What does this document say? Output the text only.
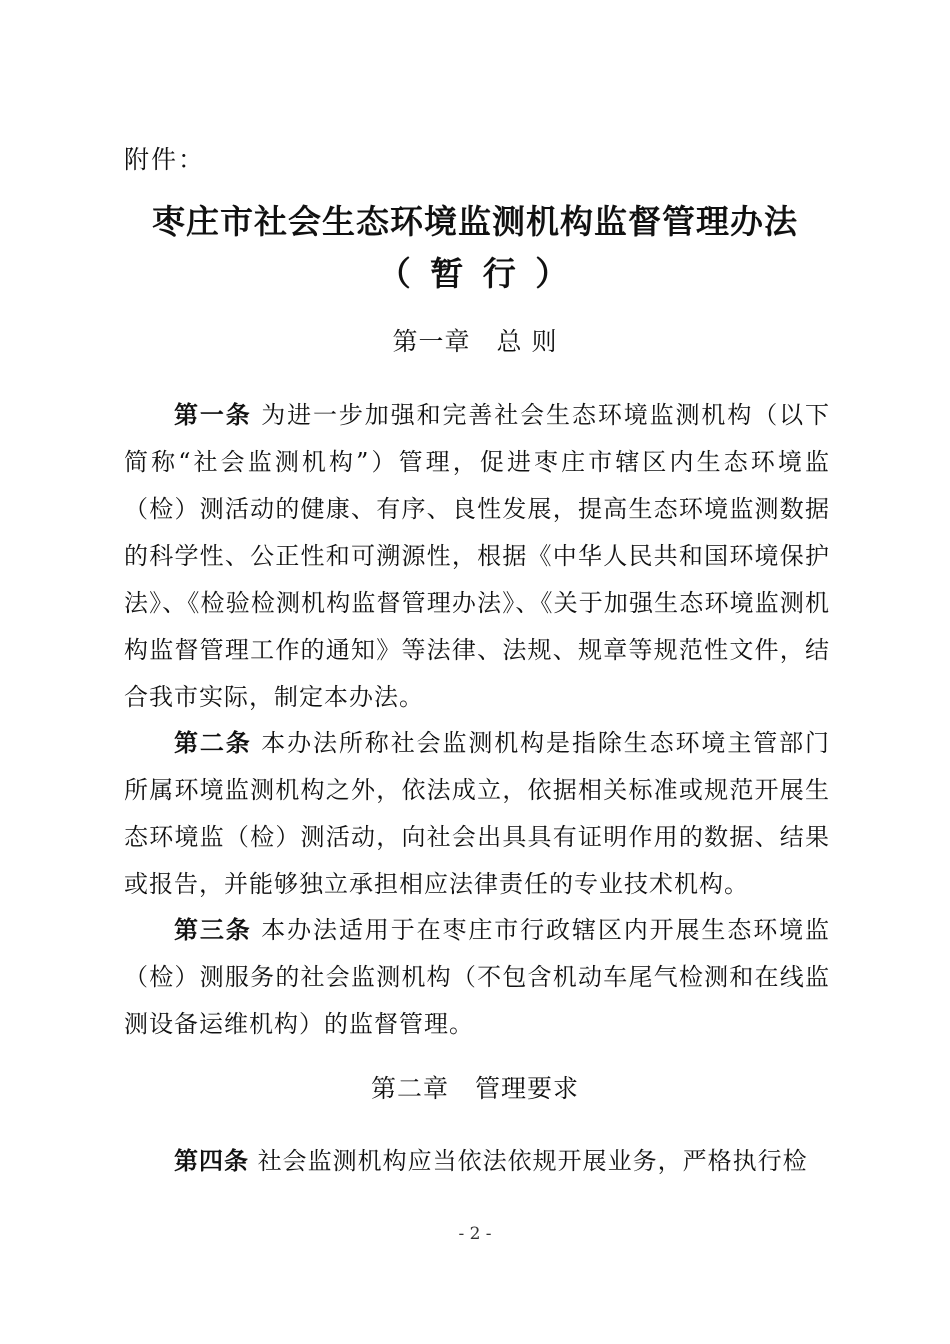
附件：
枣庄市社会生态环境监测机构监督管理办法
（ 暂 行 ）
第一章　总 则
第一条 为进一步加强和完善社会生态环境监测机构（以下简称“社会监测机构”）管理，促进枣庄市辖区内生态环境监（检）测活动的健康、有序、良性发展，提高生态环境监测数据的科学性、公正性和可溯源性，根据《中华人民共和国环境保护法》、《检验检测机构监督管理办法》、《关于加强生态环境监测机构监督管理工作的通知》等法律、法规、规章等规范性文件，结合我市实际，制定本办法。
第二条 本办法所称社会监测机构是指除生态环境主管部门所属环境监测机构之外，依法成立，依据相关标准或规范开展生态环境监（检）测活动，向社会出具具有证明作用的数据、结果或报告，并能够独立承担相应法律责任的专业技术机构。
第三条 本办法适用于在枣庄市行政辖区内开展生态环境监（检）测服务的社会监测机构（不包含机动车尾气检测和在线监测设备运维机构）的监督管理。
第二章　管理要求
第四条 社会监测机构应当依法依规开展业务，严格执行检
- 2 -
